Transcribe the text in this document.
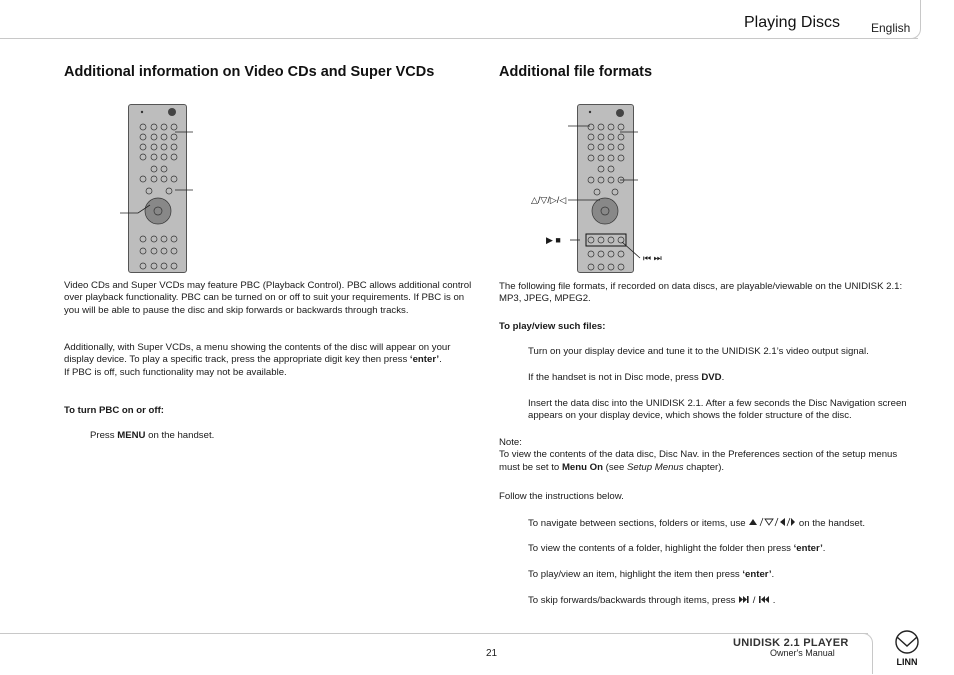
Playing Discs	English
Additional information on Video CDs and Super VCDs
Video CDs and Super VCDs may feature PBC (Playback Control). PBC allows additional control over playback functionality. PBC can be turned on or off to suit your requirements. If PBC is on you will be able to pause the disc and skip forwards or backwards through tracks.
Additionally, with Super VCDs, a menu showing the contents of the disc will appear on your display device. To play a specific track, press the appropriate digit key then press ‘enter’.
If PBC is off, such functionality may not be available.
To turn PBC on or off:
Press MENU on the handset.
Additional file formats
△/▽/▷/◁
▶ ■
⏮ ⏭
The following file formats, if recorded on data discs, are playable/viewable on the UNIDISK 2.1: MP3, JPEG, MPEG2.
To play/view such files:
Turn on your display device and tune it to the UNIDISK 2.1’s video output signal.
If the handset is not in Disc mode, press DVD.
Insert the data disc into the UNIDISK 2.1. After a few seconds the Disc Navigation screen appears on your display device, which shows the folder structure of the disc.
Note:
To view the contents of the data disc, Disc Nav. in the Preferences section of the setup menus must be set to Menu On (see Setup Menus chapter).
Follow the instructions below.
To navigate between sections, folders or items, use	on the handset.
To view the contents of a folder, highlight the folder then press ‘enter’.
To play/view an item, highlight the item then press ‘enter’.
To skip forwards/backwards through items, press / .
21
UNIDISK 2.1 PLAYER
Owner's Manual
LINN
